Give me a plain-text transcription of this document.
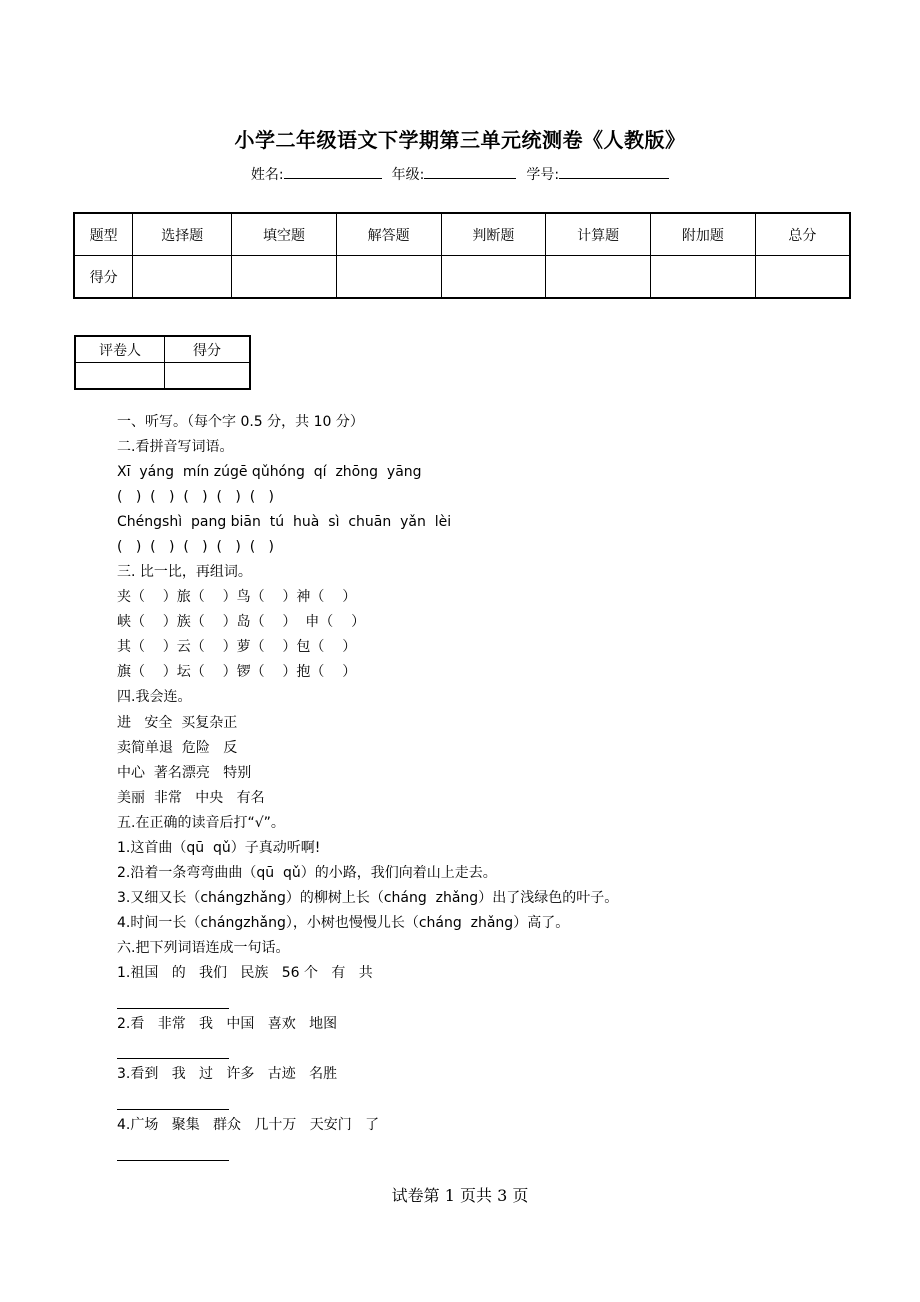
小学二年级语文下学期第三单元统测卷《人教版》
姓名:	年级:	学号:
题型	选择题	填空题	解答题	判断题	计算题	附加题	总分
得分							
评卷人	得分

一、听写。（每个字 0.5 分，共 10 分）
二.看拼音写词语。
Xī  yáng  mín zúgē qǔhóng  qí  zhōng  yāng
(   )  (   )  (   )  (   )  (   )
Chéngshì  pang biān  tú  huà  sì  chuān  yǎn  lèi
(   )  (   )  (   )  (   )  (   )
三. 比一比，再组词。
夹（    ）旅（    ）鸟（    ）神（    ）
峡（    ）族（    ）岛（    ）  申（    ）
其（    ）云（    ）萝（    ）包（    ）
旗（    ）坛（    ）锣（    ）抱（    ）
四.我会连。
进   安全  买复杂正
卖简单退  危险   反
中心  著名漂亮   特别
美丽  非常   中央   有名
五.在正确的读音后打“√”。
1.这首曲（qū  qǔ）子真动听啊!
2.沿着一条弯弯曲曲（qū  qǔ）的小路，我们向着山上走去。
3.又细又长（chángzhǎng）的柳树上长（cháng  zhǎng）出了浅绿色的叶子。
4.时间一长（chángzhǎng），小树也慢慢儿长（cháng  zhǎng）高了。
六.把下列词语连成一句话。
1.祖国   的   我们   民族   56 个   有   共
2.看   非常   我   中国   喜欢   地图
3.看到   我   过   许多   古迹   名胜
4.广场   聚集   群众   几十万   天安门   了
试卷第 1 页共 3 页
